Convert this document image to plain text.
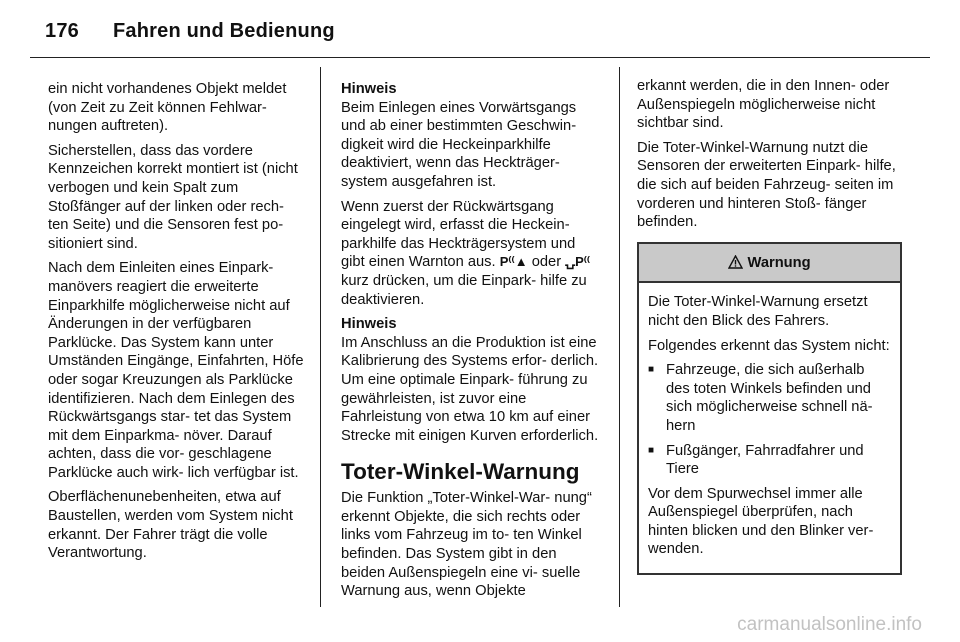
176 Fahren und Bedienung

ein nicht vorhandenes Objekt meldet (von Zeit zu Zeit können Fehlwar- nungen auftreten).

Sicherstellen, dass das vordere Kennzeichen korrekt montiert ist (nicht verbogen und kein Spalt zum Stoßfänger auf der linken oder rech- ten Seite) und die Sensoren fest po- sitioniert sind.

Nach dem Einleiten eines Einpark- manövers reagiert die erweiterte Einparkhilfe möglicherweise nicht auf Änderungen in der verfügbaren Parklücke. Das System kann unter Umständen Eingänge, Einfahrten, Höfe oder sogar Kreuzungen als Parklücke identifizieren. Nach dem Einlegen des Rückwärtsgangs star- tet das System mit dem Einparkma- növer. Darauf achten, dass die vor- geschlagene Parklücke auch wirk- lich verfügbar ist.

Oberflächenunebenheiten, etwa auf Baustellen, werden vom System nicht erkannt. Der Fahrer trägt die volle Verantwortung.

Hinweis
Beim Einlegen eines Vorwärtsgangs und ab einer bestimmten Geschwin- digkeit wird die Heckeinparkhilfe deaktiviert, wenn das Heckträger- system ausgefahren ist.

Wenn zuerst der Rückwärtsgang eingelegt wird, erfasst die Heckein- parkhilfe das Heckträgersystem und gibt einen Warnton aus. P⁽⁽▲ oder ⍽P⁽⁽ kurz drücken, um die Einpark- hilfe zu deaktivieren.

Hinweis
Im Anschluss an die Produktion ist eine Kalibrierung des Systems erfor- derlich. Um eine optimale Einpark- führung zu gewährleisten, ist zuvor eine Fahrleistung von etwa 10 km auf einer Strecke mit einigen Kurven erforderlich.

Toter-Winkel-Warnung

Die Funktion „Toter-Winkel-War- nung“ erkennt Objekte, die sich rechts oder links vom Fahrzeug im to- ten Winkel befinden. Das System gibt in den beiden Außenspiegeln eine vi- suelle Warnung aus, wenn Objekte

erkannt werden, die in den Innen- oder Außenspiegeln möglicherweise nicht sichtbar sind.

Die Toter-Winkel-Warnung nutzt die Sensoren der erweiterten Einpark- hilfe, die sich auf beiden Fahrzeug- seiten im vorderen und hinteren Stoß- fänger befinden.

Warnung

Die Toter-Winkel-Warnung ersetzt nicht den Blick des Fahrers.

Folgendes erkennt das System nicht:

■ Fahrzeuge, die sich außerhalb des toten Winkels befinden und sich möglicherweise schnell nä- hern
■ Fußgänger, Fahrradfahrer und Tiere

Vor dem Spurwechsel immer alle Außenspiegel überprüfen, nach hinten blicken und den Blinker ver- wenden.

carmanualsonline.info
